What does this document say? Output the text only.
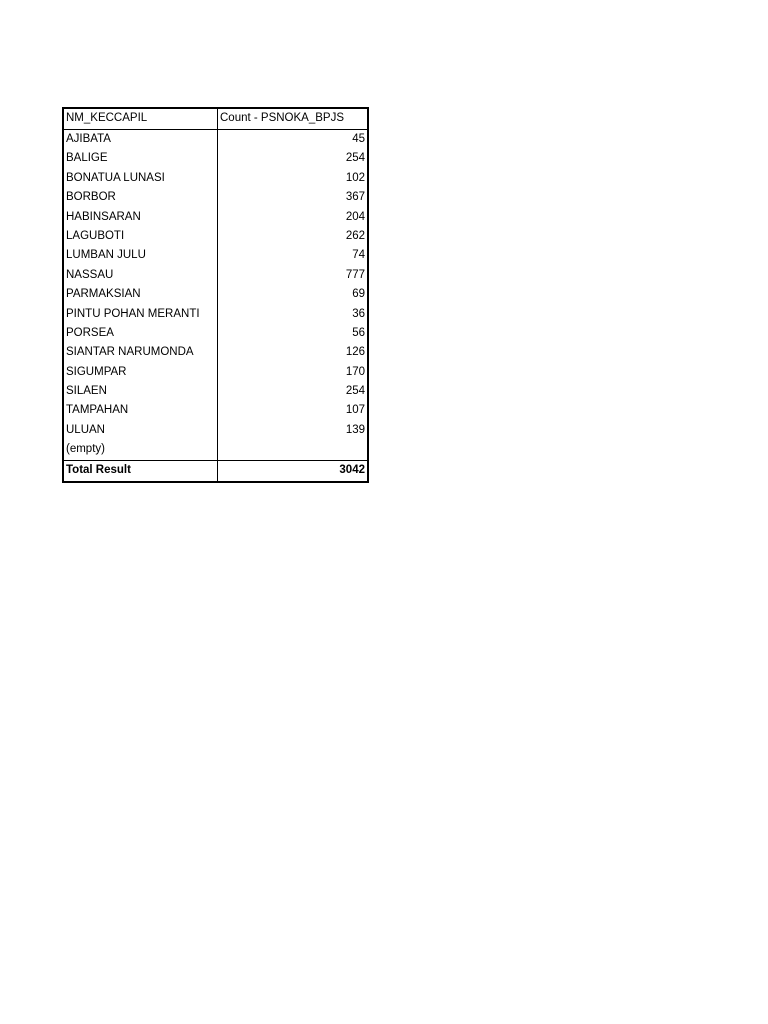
NM_KECCAPIL	Count - PSNOKA_BPJS
AJIBATA	45
BALIGE	254
BONATUA LUNASI	102
BORBOR	367
HABINSARAN	204
LAGUBOTI	262
LUMBAN JULU	74
NASSAU	777
PARMAKSIAN	69
PINTU POHAN MERANTI	36
PORSEA	56
SIANTAR NARUMONDA	126
SIGUMPAR	170
SILAEN	254
TAMPAHAN	107
ULUAN	139
(empty)
Total Result	3042
